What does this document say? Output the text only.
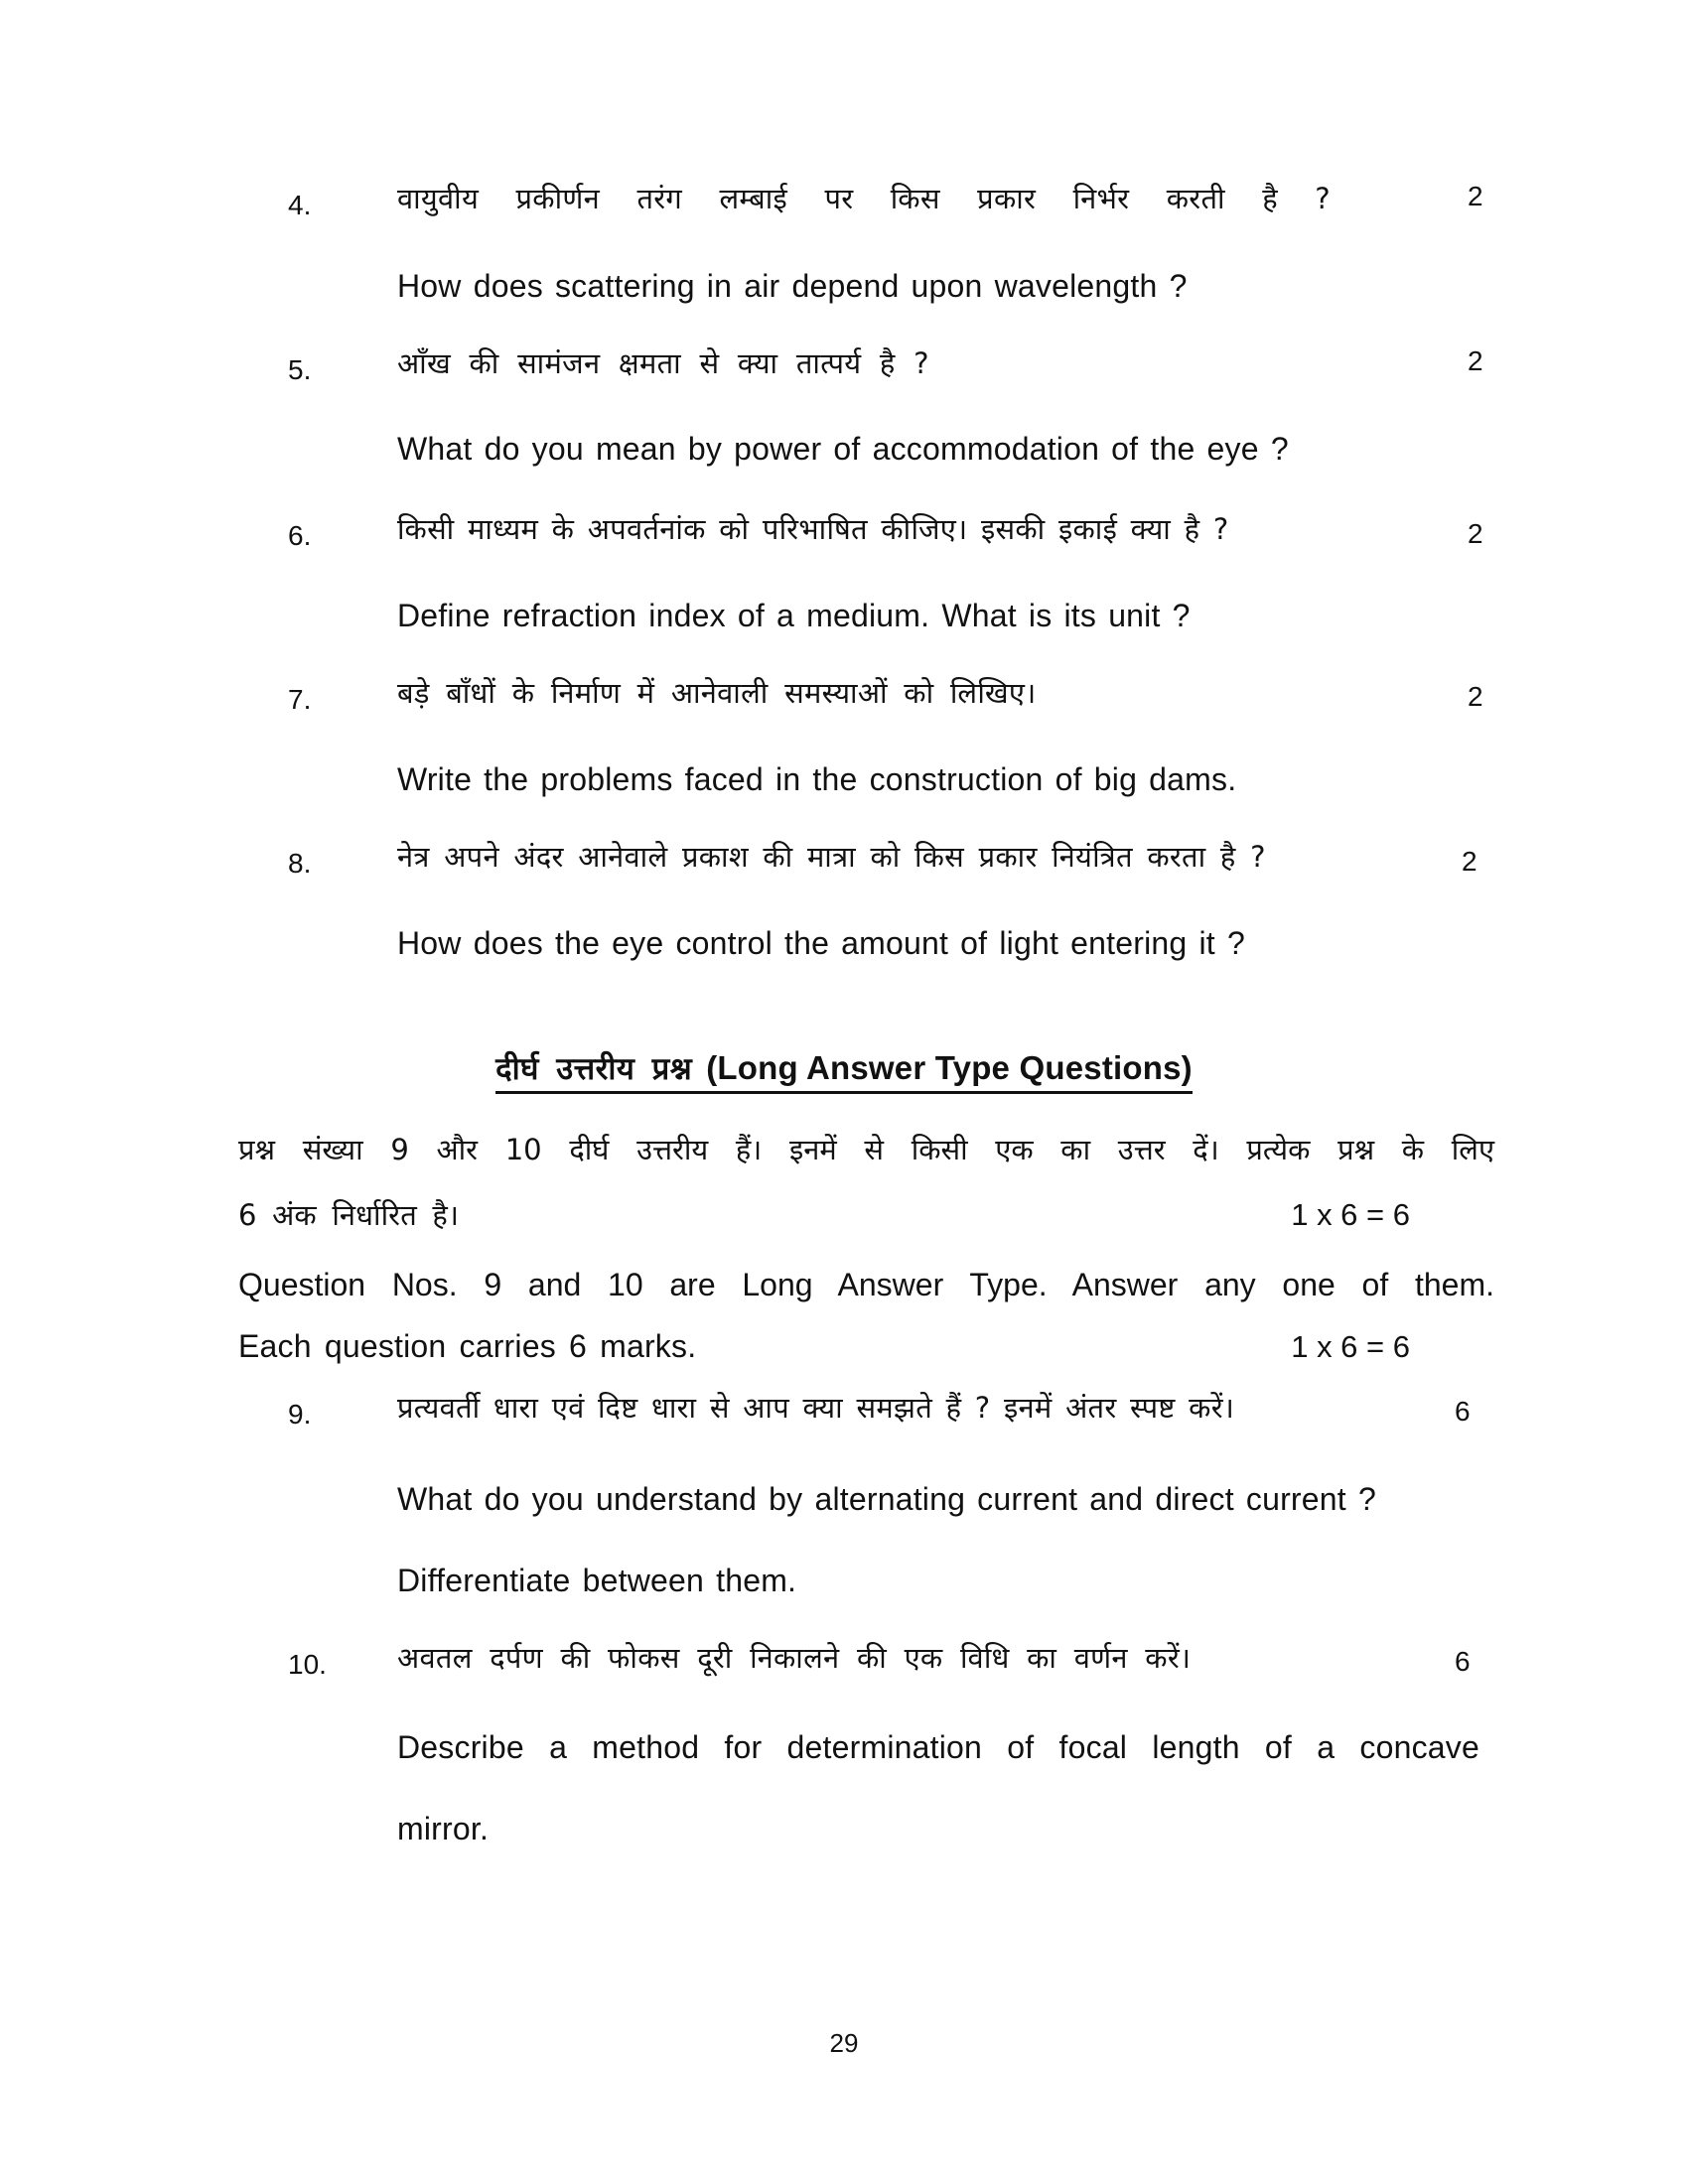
4.	वायुवीय प्रकीर्णन तरंग लम्बाई पर किस प्रकार निर्भर करती है ?	2
How does scattering in air depend upon wavelength ?
5.	आँख की सामंजन क्षमता से क्या तात्पर्य है ?	2
What do you mean by power of accommodation of the eye ?
6.	किसी माध्यम के अपवर्तनांक को परिभाषित कीजिए। इसकी इकाई क्या है ?	2
Define refraction index of a medium. What is its unit ?
7.	बड़े बाँधों के निर्माण में आनेवाली समस्याओं को लिखिए।	2
Write the problems faced in the construction of big dams.
8.	नेत्र अपने अंदर आनेवाले प्रकाश की मात्रा को किस प्रकार नियंत्रित करता है ?	2
How does the eye control the amount of light entering it ?
दीर्घ उत्तरीय प्रश्न (Long Answer Type Questions)
प्रश्न संख्या 9 और 10 दीर्घ उत्तरीय हैं। इनमें से किसी एक का उत्तर दें। प्रत्येक प्रश्न के लिए
6 अंक निर्धारित है।	1 x 6 = 6
Question Nos. 9 and 10 are Long Answer Type. Answer any one of them.
Each question carries 6 marks.	1 x 6 = 6
9.	प्रत्यवर्ती धारा एवं दिष्ट धारा से आप क्या समझते हैं ? इनमें अंतर स्पष्ट करें।	6
What do you understand by alternating current and direct current ?
Differentiate between them.
10.	अवतल दर्पण की फोकस दूरी निकालने की एक विधि का वर्णन करें।	6
Describe a method for determination of focal length of a concave
mirror.
29
